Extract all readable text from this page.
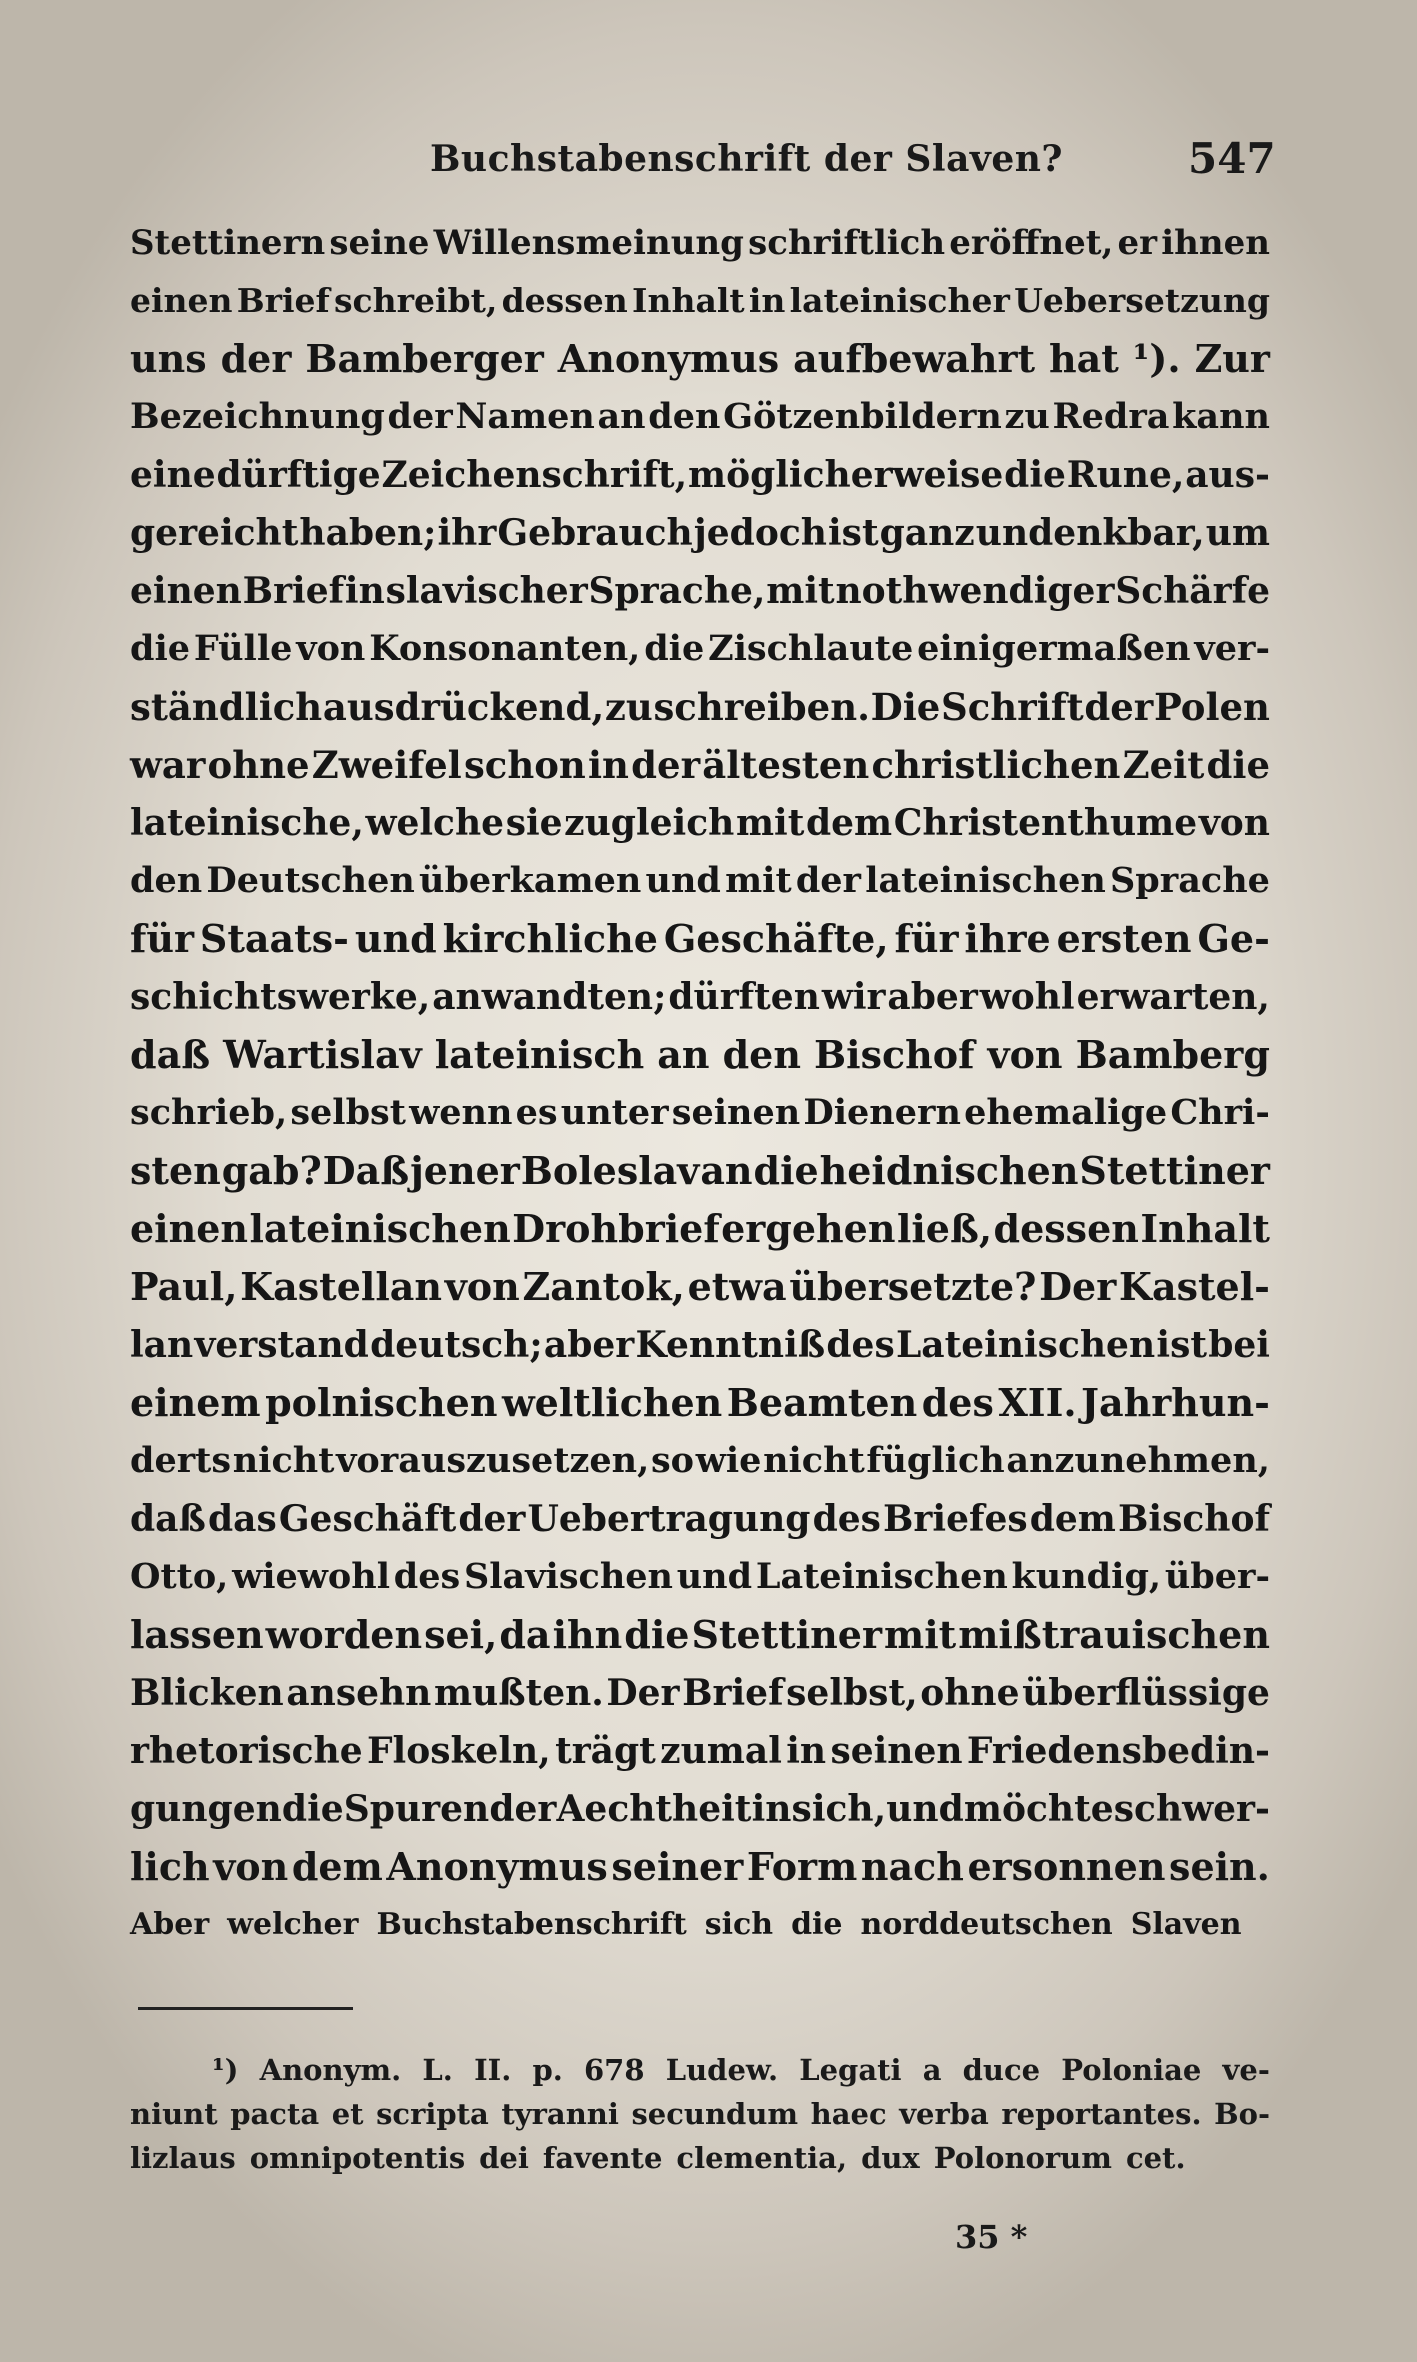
Buchstabenschrift der Slaven?	547
Stettinern seine Willensmeinung schriftlich eröffnet, er ihnen
einen Brief schreibt, dessen Inhalt in lateinischer Uebersetzung
uns der Bamberger Anonymus aufbewahrt hat ¹). Zur
Bezeichnung der Namen an den Götzenbildern zu Redra kann
eine dürftige Zeichenschrift, möglicherweise die Rune, aus-
gereicht haben; ihr Gebrauch jedoch ist ganz undenkbar, um
einen Brief in slavischer Sprache, mit nothwendiger Schärfe
die Fülle von Konsonanten, die Zischlaute einigermaßen ver-
ständlich ausdrückend, zu schreiben. Die Schrift der Polen
war ohne Zweifel schon in der ältesten christlichen Zeit die
lateinische, welche sie zugleich mit dem Christenthume von
den Deutschen überkamen und mit der lateinischen Sprache
für Staats- und kirchliche Geschäfte, für ihre ersten Ge-
schichtswerke, anwandten; dürften wir aber wohl erwarten,
daß Wartislav lateinisch an den Bischof von Bamberg
schrieb, selbst wenn es unter seinen Dienern ehemalige Chri-
sten gab? Daß jener Boleslav an die heidnischen Stettiner
einen lateinischen Drohbrief ergehen ließ, dessen Inhalt
Paul, Kastellan von Zantok, etwa übersetzte? Der Kastel-
lan verstand deutsch; aber Kenntniß des Lateinischen ist bei
einem polnischen weltlichen Beamten des XII. Jahrhun-
derts nicht vorauszusetzen, so wie nicht füglich anzunehmen,
daß das Geschäft der Uebertragung des Briefes dem Bischof
Otto, wiewohl des Slavischen und Lateinischen kundig, über-
lassen worden sei, da ihn die Stettiner mit mißtrauischen
Blicken ansehn mußten. Der Brief selbst, ohne überflüssige
rhetorische Floskeln, trägt zumal in seinen Friedensbedin-
gungen die Spuren der Aechtheit in sich, und möchte schwer-
lich von dem Anonymus seiner Form nach ersonnen sein.
Aber welcher Buchstabenschrift sich die norddeutschen Slaven
¹) Anonym. L. II. p. 678 Ludew. Legati a duce Poloniae ve-
niunt pacta et scripta tyranni secundum haec verba reportantes. Bo-
lizlaus omnipotentis dei favente clementia, dux Polonorum cet.
35 *
